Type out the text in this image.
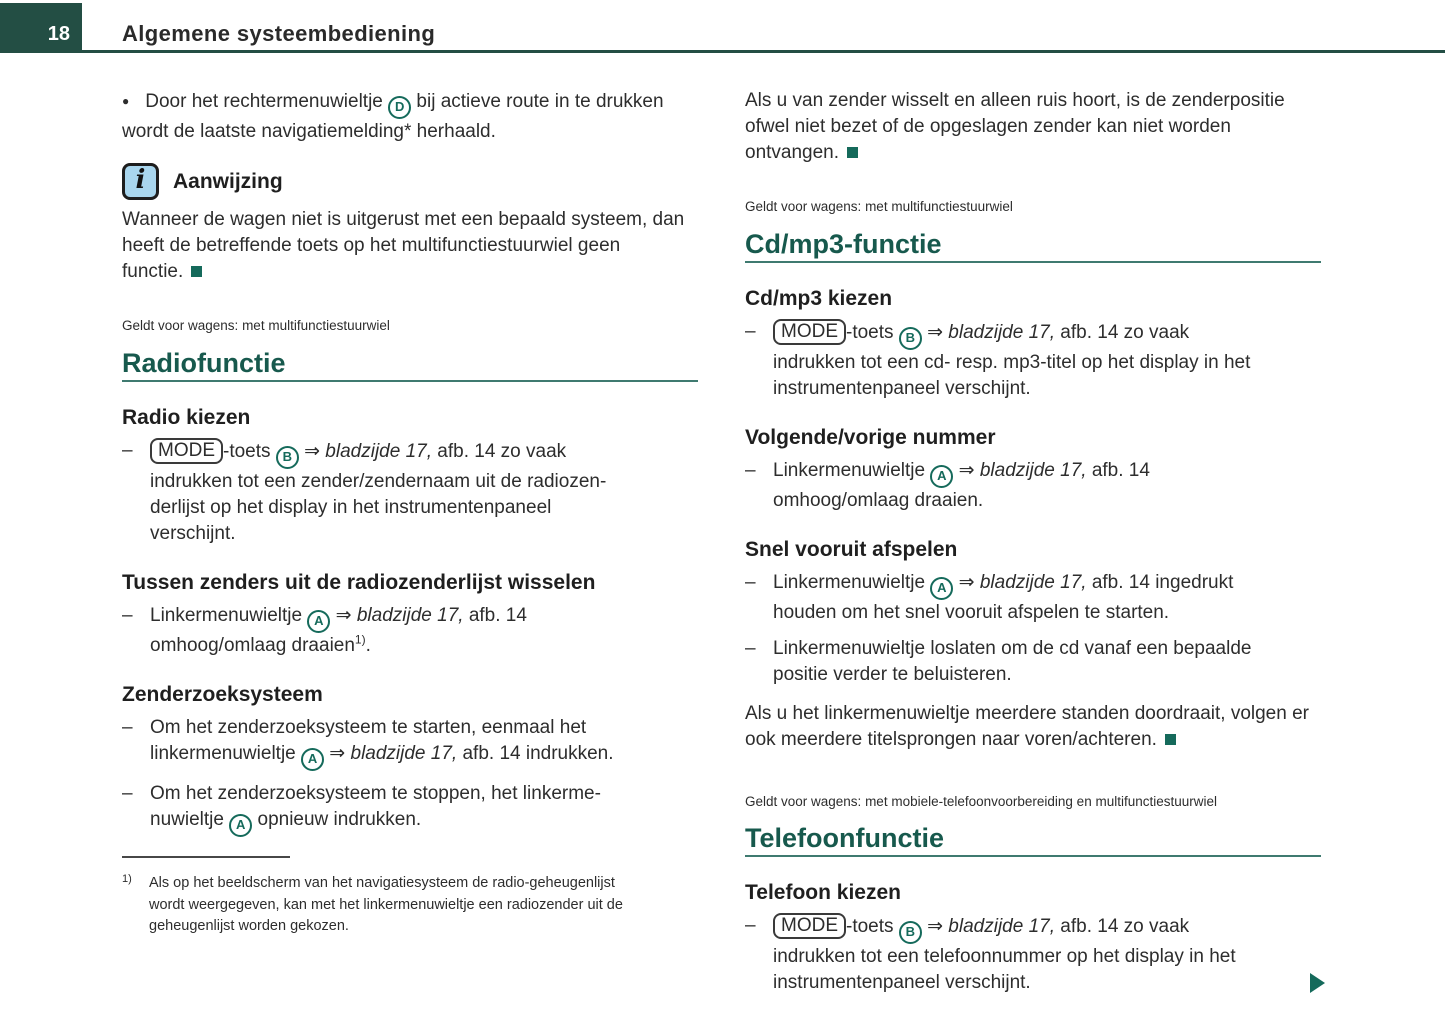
18 Algemene systeembediening

● Door het rechtermenuwieltje D bij actieve route in te drukken
wordt de laatste navigatiemelding* herhaald.

i	Aanwijzing

Wanneer de wagen niet is uitgerust met een bepaald systeem, dan
heeft de betreffende toets op het multifunctiestuurwiel geen
functie.

Geldt voor wagens: met multifunctiestuurwiel

Radiofunctie
Radio kiezen
– MODE -toets B ⇒ bladzijde 17, afb. 14 zo vaak
indrukken tot een zender/zendernaam uit de radiozen-
derlijst op het display in het instrumentenpaneel
verschijnt.
Tussen zenders uit de radiozenderlijst wisselen
– Linkermenuwieltje A ⇒ bladzijde 17, afb. 14
omhoog/omlaag draaien$^{1)}$.
Zenderzoeksysteem
– Om het zenderzoeksysteem te starten, eenmaal het
linkermenuwieltje A ⇒ bladzijde 17, afb. 14 indrukken.
– Om het zenderzoeksysteem te stoppen, het linkerme-
nuwieltje A opnieuw indrukken.

Als u van zender wisselt en alleen ruis hoort, is de zenderpositie
ofwel niet bezet of de opgeslagen zender kan niet worden
ontvangen.

Geldt voor wagens: met multifunctiestuurwiel

Cd/mp3-functie
Cd/mp3 kiezen
– MODE -toets B ⇒ bladzijde 17, afb. 14 zo vaak
indrukken tot een cd- resp. mp3-titel op het display in het
instrumentenpaneel verschijnt.
Volgende/vorige nummer
– Linkermenuwieltje A ⇒ bladzijde 17, afb. 14
omhoog/omlaag draaien.
Snel vooruit afspelen
– Linkermenuwieltje A ⇒ bladzijde 17, afb. 14 ingedrukt
houden om het snel vooruit afspelen te starten.
– Linkermenuwieltje loslaten om de cd vanaf een bepaalde
positie verder te beluisteren.

Als u het linkermenuwieltje meerdere standen doordraait, volgen er
ook meerdere titelsprongen naar voren/achteren.

Geldt voor wagens: met mobiele-telefoonvoorbereiding en multifunctiestuurwiel

Telefoonfunctie
Telefoon kiezen
– MODE -toets B ⇒ bladzijde 17, afb. 14 zo vaak
indrukken tot een telefoonnummer op het display in het
instrumentenpaneel verschijnt.
1) Als op het beeldscherm van het navigatiesysteem de radio-geheugenlijst
wordt weergegeven, kan met het linkermenuwieltje een radiozender uit de
geheugenlijst worden gekozen.
